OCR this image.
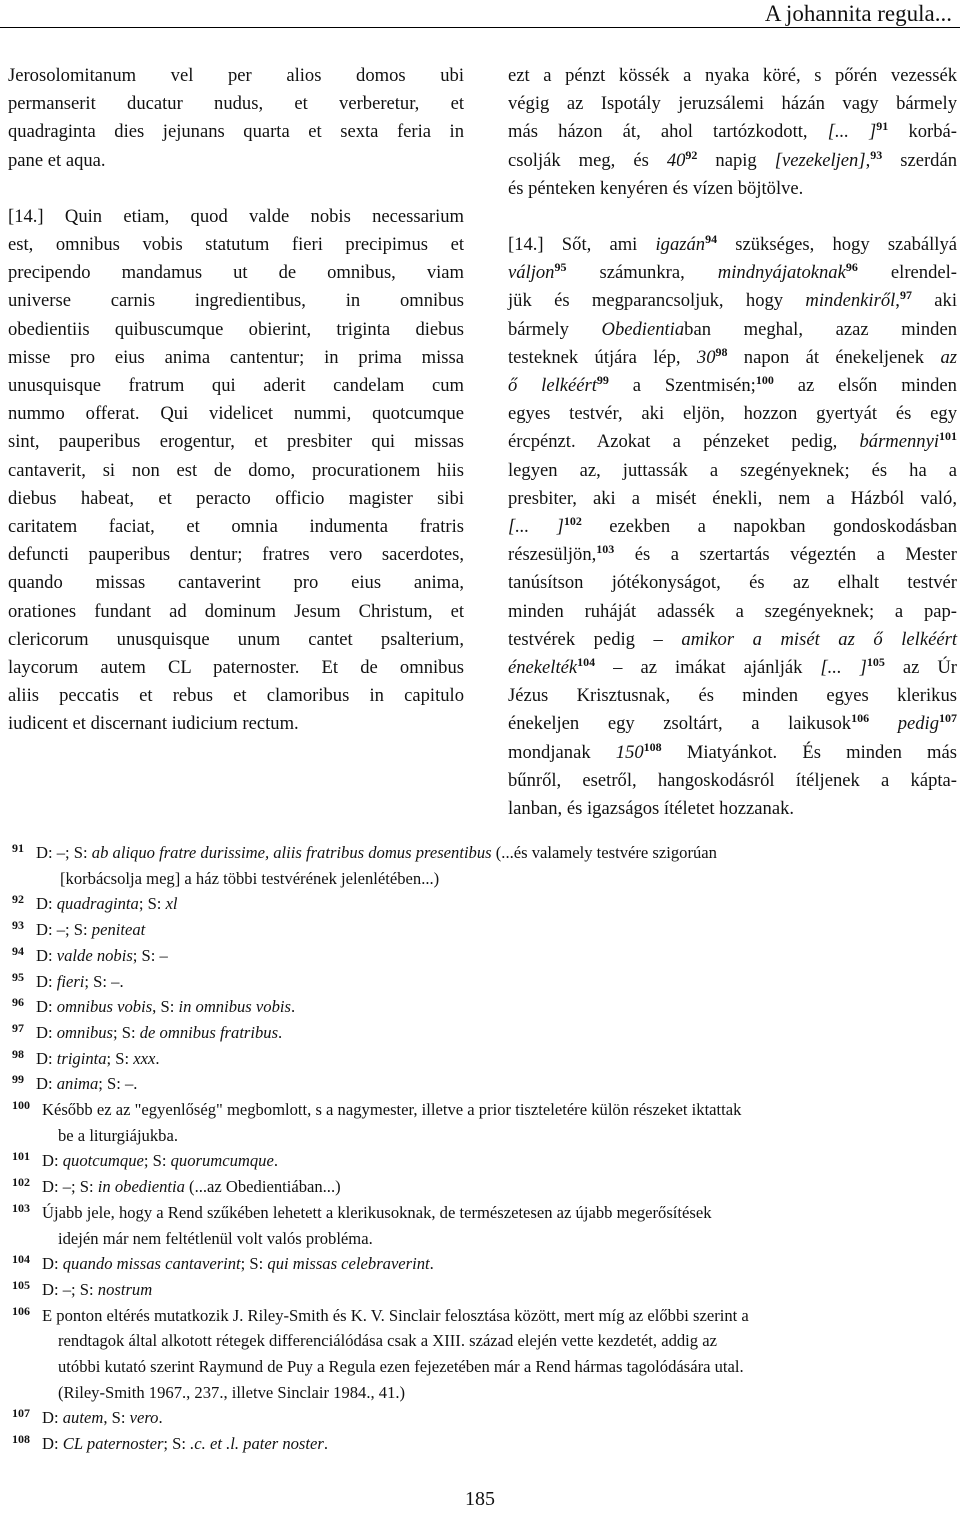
A johannita regula...

Jerosolomitanum vel per alios domos ubi
permanserit ducatur nudus, et verberetur, et
quadraginta dies jejunans quarta et sexta feria in
pane et aqua.

[14.] Quin etiam, quod valde nobis necessarium
est, omnibus vobis statutum fieri precipimus et
precipendo mandamus ut de omnibus, viam
universe carnis ingredientibus, in omnibus
obedientiis quibuscumque obierint, triginta diebus
misse pro eius anima cantentur; in prima missa
unusquisque fratrum qui aderit candelam cum
nummo offerat. Qui videlicet nummi, quotcumque
sint, pauperibus erogentur, et presbiter qui missas
cantaverit, si non est de domo, procurationem hiis
diebus habeat, et peracto officio magister sibi
caritatem faciat, et omnia indumenta fratris
defuncti pauperibus dentur; fratres vero sacerdotes,
quando missas cantaverint pro eius anima,
orationes fundant ad dominum Jesum Christum, et
clericorum unusquisque unum cantet psalterium,
laycorum autem CL paternoster. Et de omnibus
aliis peccatis et rebus et clamoribus in capitulo
iudicent et discernant iudicium rectum.

ezt a pénzt kössék a nyaka köré, s pőrén vezessék
végig az Ispotály jeruzsálemi házán vagy bármely
más házon át, ahol tartózkodott, [... ]$^{91}$ korbá-
csolják meg, és $40^{92}$ napig [vezekeljen],$^{93}$ szerdán
és pénteken kenyéren és vízen böjtölve.

[14.] Sőt, ami igazán$^{94}$ szükséges, hogy szabállyá
váljon$^{95}$ számunkra, mindnyájatoknak$^{96}$ elrendel-
jük és megparancsoljuk, hogy mindenkiről,$^{97}$ aki
bármely Obedientiaban meghal, azaz minden
testeknek útjára lép, $30^{98}$ napon át énekeljenek az
ő lelkéért$^{99}$ a Szentmisén;$^{100}$ az elsőn minden
egyes testvér, aki eljön, hozzon gyertyát és egy
ércpénzt. Azokat a pénzeket pedig, bármennyi$^{101}$
legyen az, juttassák a szegényeknek; és ha a
presbiter, aki a misét énekli, nem a Házból való,
[... ]$^{102}$ ezekben a napokban gondoskodásban
részesüljön,$^{103}$ és a szertartás végeztén a Mester
tanúsítson jótékonyságot, és az elhalt testvér
minden ruháját adassék a szegényeknek; a pap-
testvérek pedig – amikor a misét az ő lelkéért
énekelték$^{104}$ – az imákat ajánlják [... ]$^{105}$ az Úr
Jézus Krisztusnak, és minden egyes klerikus
énekeljen egy zsoltárt, a laikusok$^{106}$ pedig$^{107}$
mondjanak $150^{108}$ Miatyánkot. És minden más
bűnről, esetről, hangoskodásról ítéljenek a kápta-
lanban, és igazságos ítéletet hozzanak.

91 D: –; S: ab aliquo fratre durissime, aliis fratribus domus presentibus (...és valamely testvére szigorúan
[korbácsolja meg] a ház többi testvérének jelenlétében...)
92 D: quadraginta; S: xl
93 D: –; S: peniteat
94 D: valde nobis; S: –
95 D: fieri; S: –.
96 D: omnibus vobis, S: in omnibus vobis.
97 D: omnibus; S: de omnibus fratribus.
98 D: triginta; S: xxx.
99 D: anima; S: –.
100 Később ez az "egyenlőség" megbomlott, s a nagymester, illetve a prior tiszteletére külön részeket iktattak
be a liturgiájukba.
101 D: quotcumque; S: quorumcumque.
102 D: –; S: in obedientia (...az Obedientiában...)
103 Újabb jele, hogy a Rend szűkében lehetett a klerikusoknak, de természetesen az újabb megerősítések
idején már nem feltétlenül volt valós probléma.
104 D: quando missas cantaverint; S: qui missas celebraverint.
105 D: –; S: nostrum
106 E ponton eltérés mutatkozik J. Riley-Smith és K. V. Sinclair felosztása között, mert míg az előbbi szerint a
rendtagok által alkotott rétegek differenciálódása csak a XIII. század elején vette kezdetét, addig az
utóbbi kutató szerint Raymund de Puy a Regula ezen fejezetében már a Rend hármas tagolódására utal.
(Riley-Smith 1967., 237., illetve Sinclair 1984., 41.)
107 D: autem, S: vero.
108 D: CL paternoster; S: .c. et .l. pater noster.
185
